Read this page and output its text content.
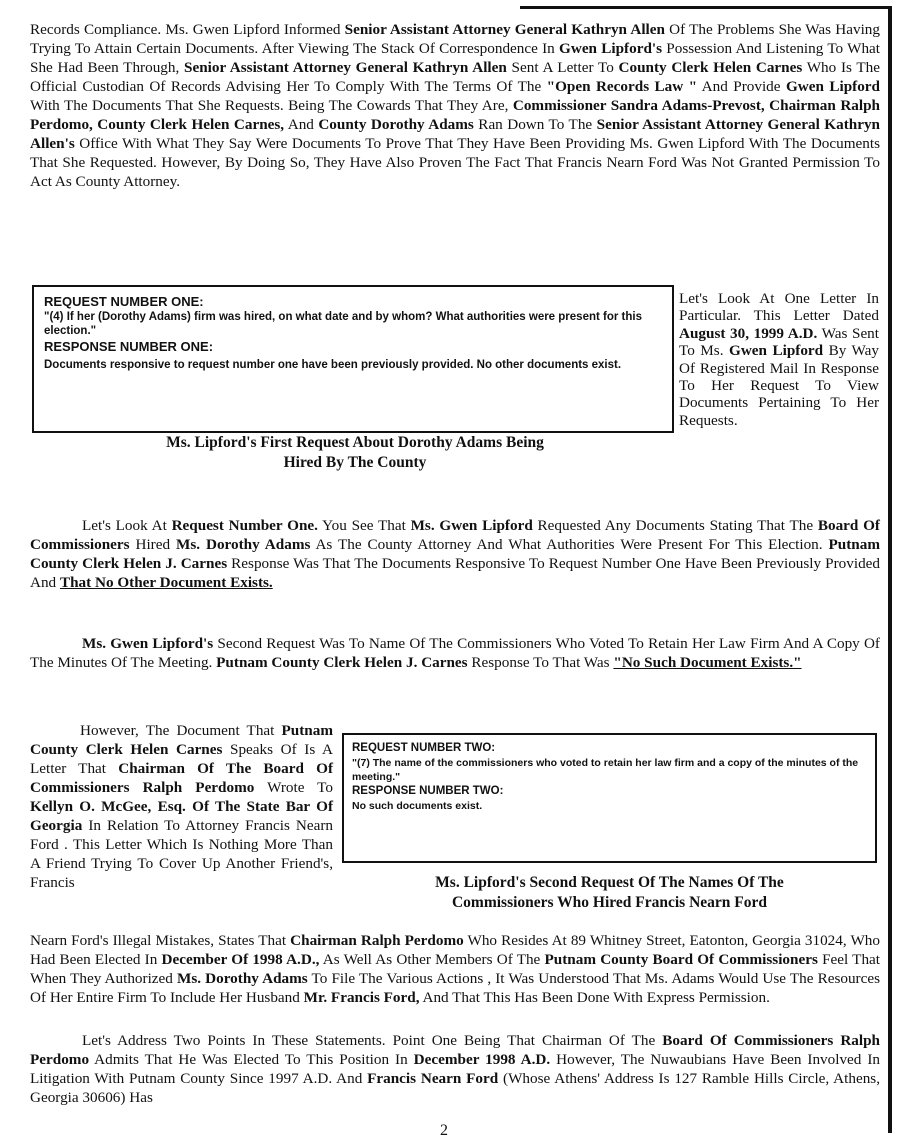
Records Compliance. Ms. Gwen Lipford Informed Senior Assistant Attorney General Kathryn Allen Of The Problems She Was Having Trying To Attain Certain Documents. After Viewing The Stack Of Correspondence In Gwen Lipford's Possession And Listening To What She Had Been Through, Senior Assistant Attorney General Kathryn Allen Sent A Letter To County Clerk Helen Carnes Who Is The Official Custodian Of Records Advising Her To Comply With The Terms Of The "Open Records Law " And Provide Gwen Lipford With The Documents That She Requests. Being The Cowards That They Are, Commissioner Sandra Adams-Prevost, Chairman Ralph Perdomo, County Clerk Helen Carnes, And County Dorothy Adams Ran Down To The Senior Assistant Attorney General Kathryn Allen's Office With What They Say Were Documents To Prove That They Have Been Providing Ms. Gwen Lipford With The Documents That She Requested. However, By Doing So, They Have Also Proven The Fact That Francis Nearn Ford Was Not Granted Permission To Act As County Attorney.

REQUEST NUMBER ONE:

"(4) If her (Dorothy Adams) firm was hired, on what date and by whom? What authorities were present for this election."

RESPONSE NUMBER ONE:

Documents responsive to request number one have been previously provided. No other documents exist.

Ms. Lipford's First Request About Dorothy Adams Being
Hired By The County

Let's Look At One Letter In Particular. This Letter Dated August 30, 1999 A.D. Was Sent To Ms. Gwen Lipford By Way Of Registered Mail In Response To Her Request To View Documents Pertaining To Her Requests.

Let's Look At Request Number One. You See That Ms. Gwen Lipford Requested Any Documents Stating That The Board Of Commissioners Hired Ms. Dorothy Adams As The County Attorney And What Authorities Were Present For This Election. Putnam County Clerk Helen J. Carnes Response Was That The Documents Responsive To Request Number One Have Been Previously Provided And That No Other Document Exists.

Ms. Gwen Lipford's Second Request Was To Name Of The Commissioners Who Voted To Retain Her Law Firm And A Copy Of The Minutes Of The Meeting. Putnam County Clerk Helen J. Carnes Response To That Was "No Such Document Exists."

However, The Document That Putnam County Clerk Helen Carnes Speaks Of Is A Letter That Chairman Of The Board Of Commissioners Ralph Perdomo Wrote To Kellyn O. McGee, Esq. Of The State Bar Of Georgia In Relation To Attorney Francis Nearn Ford . This Letter Which Is Nothing More Than A Friend Trying To Cover Up Another Friend's, Francis

REQUEST NUMBER TWO:

"(7) The name of the commissioners who voted to retain her law firm and a copy of the minutes of the meeting."

RESPONSE NUMBER TWO:

No such documents exist.

Ms. Lipford's Second Request Of The Names Of The
Commissioners Who Hired Francis Nearn Ford

Nearn Ford's Illegal Mistakes, States That Chairman Ralph Perdomo Who Resides At 89 Whitney Street, Eatonton, Georgia 31024, Who Had Been Elected In December Of 1998 A.D., As Well As Other Members Of The Putnam County Board Of Commissioners Feel That When They Authorized Ms. Dorothy Adams To File The Various Actions , It Was Understood That Ms. Adams Would Use The Resources Of Her Entire Firm To Include Her Husband Mr. Francis Ford, And That This Has Been Done With Express Permission.

Let's Address Two Points In These Statements. Point One Being That Chairman Of The Board Of Commissioners Ralph Perdomo Admits That He Was Elected To This Position In December 1998 A.D. However, The Nuwaubians Have Been Involved In Litigation With Putnam County Since 1997 A.D. And Francis Nearn Ford (Whose Athens' Address Is 127 Ramble Hills Circle, Athens, Georgia 30606) Has

2
